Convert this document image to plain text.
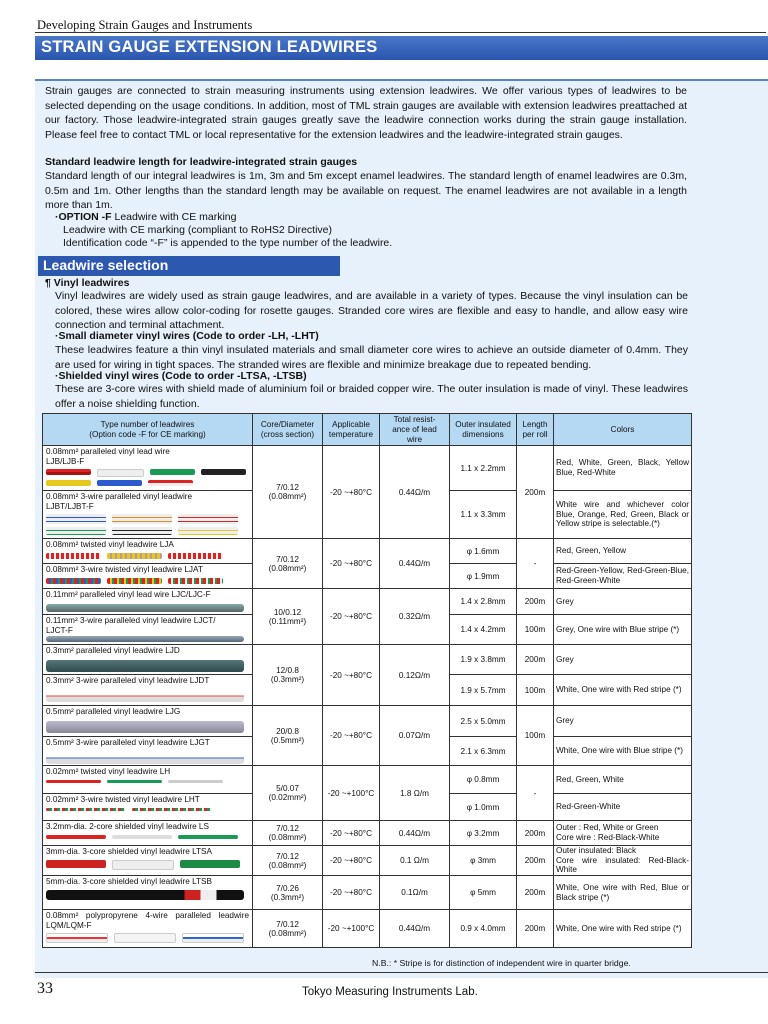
Developing Strain Gauges and Instruments
STRAIN GAUGE EXTENSION LEADWIRES
Strain gauges are connected to strain measuring instruments using extension leadwires. We offer various types of leadwires to be selected depending on the usage conditions. In addition, most of TML strain gauges are available with extension leadwires preattached at our factory. Those leadwire-integrated strain gauges greatly save the leadwire connection works during the strain gauge installation. Please feel free to contact TML or local representative for the extension leadwires and the leadwire-integrated strain gauges.
Standard leadwire length for leadwire-integrated strain gauges
Standard length of our integral leadwires is 1m, 3m and 5m except enamel leadwires. The standard length of enamel leadwires are 0.3m, 0.5m and 1m. Other lengths than the standard length may be available on request. The enamel leadwires are not available in a length more than 1m.
·OPTION -F Leadwire with CE marking
Leadwire with CE marking (compliant to RoHS2 Directive)
Identification code “-F” is appended to the type number of the leadwire.
Leadwire selection
¶ Vinyl leadwires
Vinyl leadwires are widely used as strain gauge leadwires, and are available in a variety of types. Because the vinyl insulation can be colored, these wires allow color-coding for rosette gauges. Stranded core wires are flexible and easy to handle, and allow easy wire connection and terminal attachment.
·Small diameter vinyl wires (Code to order -LH, -LHT)
These leadwires feature a thin vinyl insulated materials and small diameter core wires to achieve an outside diameter of 0.4mm. They are used for wiring in tight spaces. The stranded wires are flexible and minimize breakage due to repeated bending.
·Shielded vinyl wires (Code to order -LTSA, -LTSB)
These are 3-core wires with shield made of aluminium foil or braided copper wire. The outer insulation is made of vinyl. These leadwires offer a noise shielding function.
Type number of leadwires
(Option code -F for CE marking)	Core/Diameter
(cross section)	Applicable
temperature	Total resist-
ance of lead
wire	Outer insulated
dimensions	Length
per roll	Colors

0.08mm² paralleled vinyl lead wire
LJB/LJB-F	7/0.12
(0.08mm²)	-20 ~+80°C	0.44Ω/m	1.1 x 2.2mm	200m	Red, White, Green, Black, Yellow Blue, Red-White

0.08mm² 3-wire paralleled vinyl leadwire
LJBT/LJBT-F				1.1 x 3.3mm		White wire and whichever color Blue, Orange, Red, Green, Black or Yellow stripe is selectable.(*)

0.08mm² twisted vinyl leadwire LJA	7/0.12
(0.08mm²)	-20 ~+80°C	0.44Ω/m	φ 1.6mm	-	Red, Green, Yellow

0.08mm² 3-wire twisted vinyl leadwire LJAT				φ 1.9mm		Red-Green-Yellow, Red-Green-Blue, Red-Green-White

0.11mm² paralleled vinyl lead wire LJC/LJC-F	10/0.12
(0.11mm²)	-20 ~+80°C	0.32Ω/m	1.4 x 2.8mm	200m	Grey

0.11mm² 3-wire paralleled vinyl leadwire LJCT/
LJCT-F				1.4 x 4.2mm	100m	Grey, One wire with Blue stripe (*)

0.3mm² paralleled vinyl leadwire LJD	12/0.8
(0.3mm²)	-20 ~+80°C	0.12Ω/m	1.9 x 3.8mm	200m	Grey

0.3mm² 3-wire paralleled vinyl leadwire LJDT				1.9 x 5.7mm	100m	White, One wire with Red stripe (*)

0.5mm² paralleled vinyl leadwire LJG	20/0.8
(0.5mm²)	-20 ~+80°C	0.07Ω/m	2.5 x 5.0mm	100m	Grey

0.5mm² 3-wire paralleled vinyl leadwire LJGT				2.1 x 6.3mm		White, One wire with Blue stripe (*)

0.02mm² twisted vinyl leadwire LH	5/0.07
(0.02mm²)	-20 ~+100°C	1.8 Ω/m	φ 0.8mm	-	Red, Green, White

0.02mm² 3-wire twisted vinyl leadwire LHT				φ 1.0mm		Red-Green-White

3.2mm-dia. 2-core shielded vinyl leadwire LS	7/0.12
(0.08mm²)	-20 ~+80°C	0.44Ω/m	φ 3.2mm	200m	Outer : Red, White or Green
Core wire : Red-Black-White

3mm-dia. 3-core shielded vinyl leadwire LTSA	7/0.12
(0.08mm²)	-20 ~+80°C	0.1 Ω/m	φ 3mm	200m	Outer insulated: Black
Core wire insulated: Red-Black-White

5mm-dia. 3-core shielded vinyl leadwire LTSB	7/0.26
(0.3mm²)	-20 ~+80°C	0.1Ω/m	φ 5mm	200m	White, One wire with Red, Blue or Black stripe (*)

0.08mm² polypropyrene 4-wire paralleled leadwire LQM/LQM-F	7/0.12
(0.08mm²)	-20 ~+100°C	0.44Ω/m	0.9 x 4.0mm	200m	White, One wire with Red stripe (*)
N.B.: * Stripe is for distinction of independent wire in quarter bridge.
33	Tokyo Measuring Instruments Lab.
